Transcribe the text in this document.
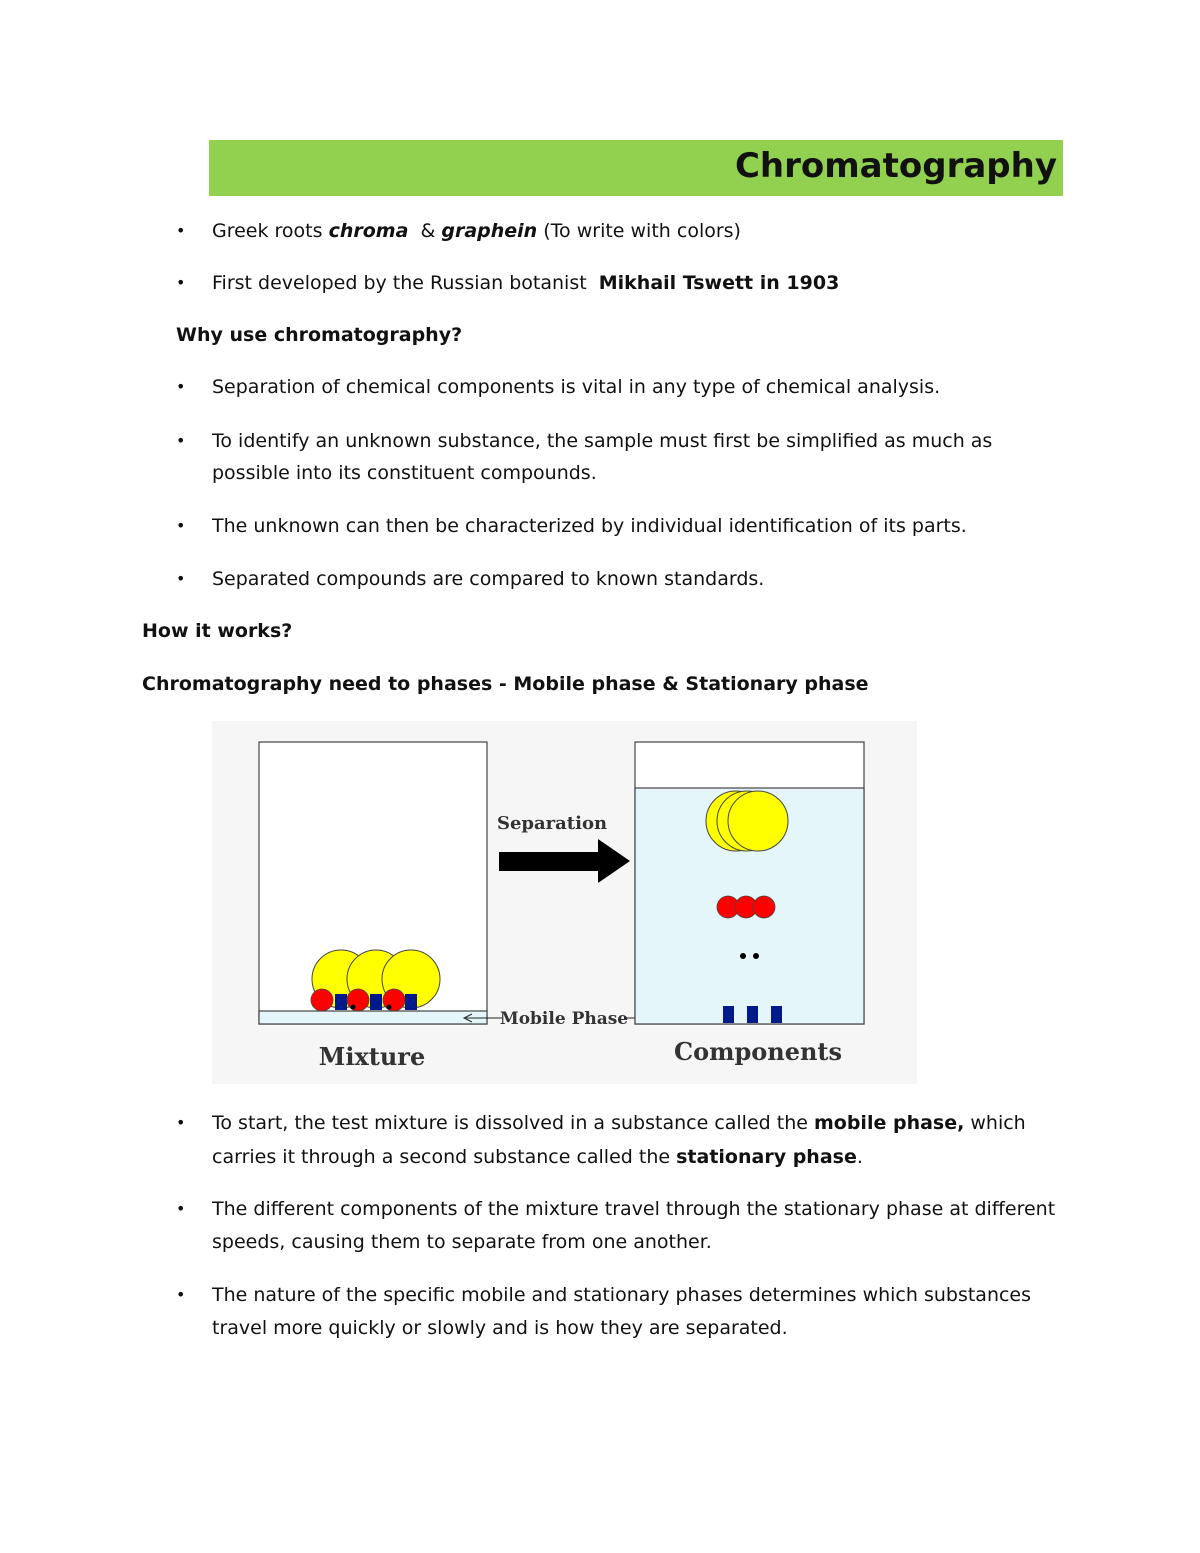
Chromatography
• Greek roots chroma  & graphein (To write with colors)
• First developed by the Russian botanist  Mikhail Tswett in 1903
Why use chromatography?
• Separation of chemical components is vital in any type of chemical analysis.
• To identify an unknown substance, the sample must first be simplified as much as
possible into its constituent compounds.
• The unknown can then be characterized by individual identification of its parts.
• Separated compounds are compared to known standards.
How it works?
Chromatography need to phases - Mobile phase & Stationary phase
Separation
Mobile Phase
Mixture	Components
• To start, the test mixture is dissolved in a substance called the mobile phase, which
carries it through a second substance called the stationary phase.
• The different components of the mixture travel through the stationary phase at different
speeds, causing them to separate from one another.
• The nature of the specific mobile and stationary phases determines which substances
travel more quickly or slowly and is how they are separated.
